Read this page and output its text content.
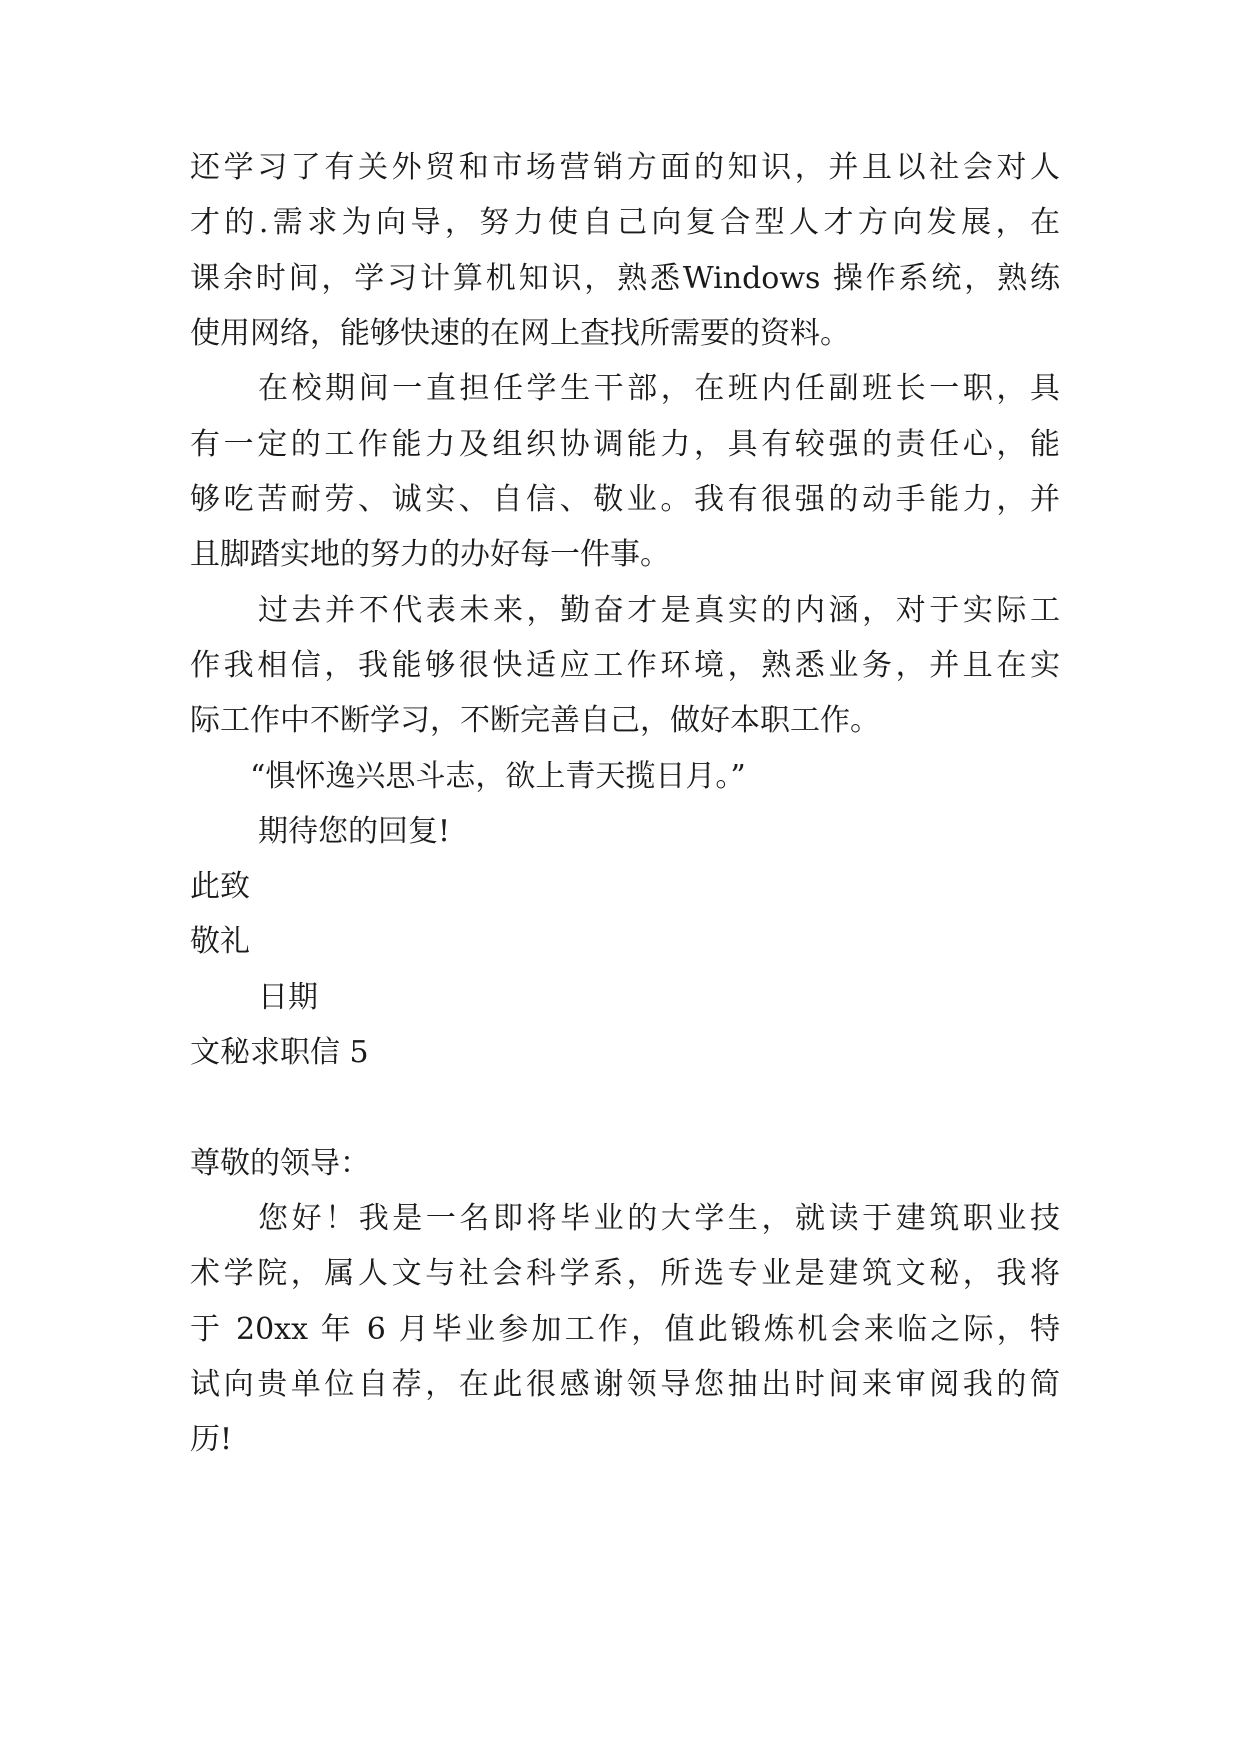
还学习了有关外贸和市场营销方面的知识，并且以社会对人
才的.需求为向导，努力使自己向复合型人才方向发展，在
课余时间，学习计算机知识，熟悉Windows 操作系统，熟练
使用网络，能够快速的在网上查找所需要的资料。
在校期间一直担任学生干部，在班内任副班长一职，具
有一定的工作能力及组织协调能力，具有较强的责任心，能
够吃苦耐劳、诚实、自信、敬业。我有很强的动手能力，并
且脚踏实地的努力的办好每一件事。
过去并不代表未来，勤奋才是真实的内涵，对于实际工
作我相信，我能够很快适应工作环境，熟悉业务，并且在实
际工作中不断学习，不断完善自己，做好本职工作。
“惧怀逸兴思斗志，欲上青天揽日月。”
期待您的回复!
此致
敬礼
日期
文秘求职信 5
尊敬的领导：
您好！我是一名即将毕业的大学生，就读于建筑职业技
术学院，属人文与社会科学系，所选专业是建筑文秘，我将
于 20xx 年 6 月毕业参加工作，值此锻炼机会来临之际，特
试向贵单位自荐，在此很感谢领导您抽出时间来审阅我的简
历!
